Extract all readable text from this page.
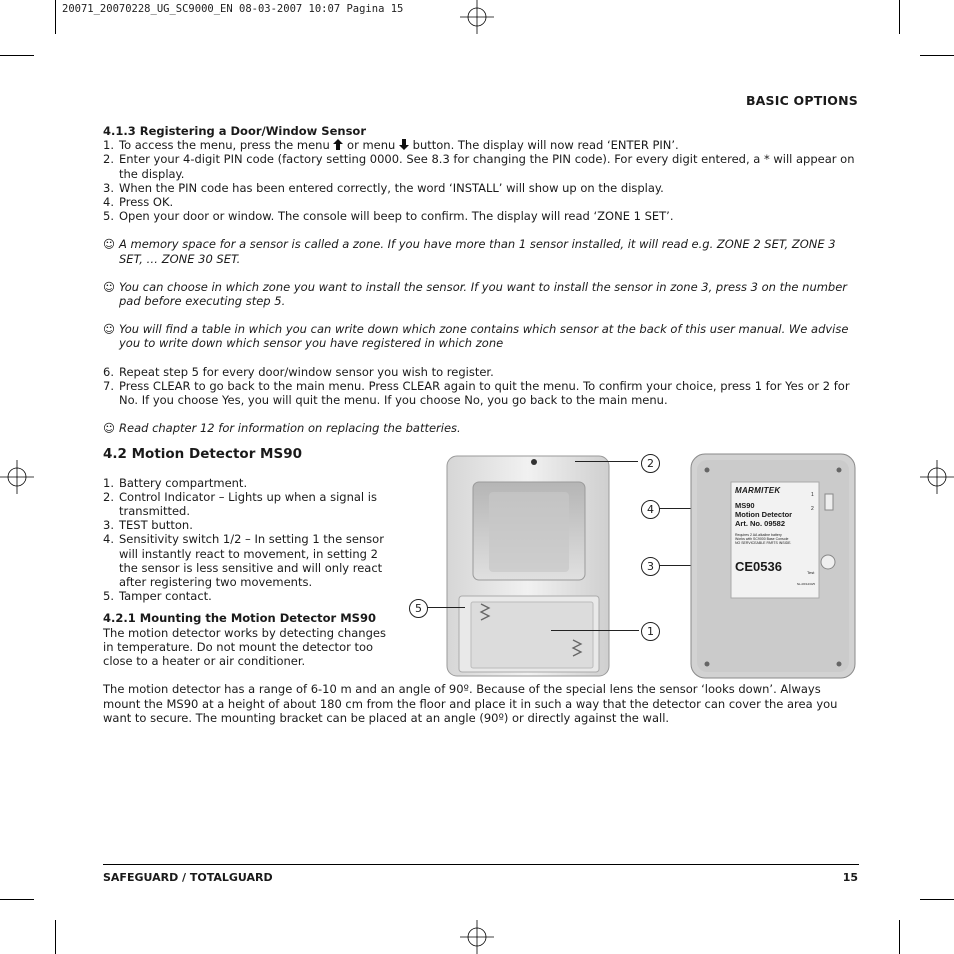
20071_20070228_UG_SC9000_EN 08-03-2007 10:07 Pagina 15
BASIC OPTIONS

4.1.3 Registering a Door/Window Sensor

1. To access the menu, press the menu or menu button. The display will now read ‘ENTER PIN’.
2. Enter your 4-digit PIN code (factory setting 0000. See 8.3 for changing the PIN code). For every digit entered, a * will appear on the display.
3. When the PIN code has been entered correctly, the word ‘INSTALL’ will show up on the display.
4. Press OK.
5. Open your door or window. The console will beep to confirm. The display will read ‘ZONE 1 SET’.
☺ A memory space for a sensor is called a zone. If you have more than 1 sensor installed, it will read e.g. ZONE 2 SET, ZONE 3 SET, … ZONE 30 SET.
☺ You can choose in which zone you want to install the sensor. If you want to install the sensor in zone 3, press 3 on the number pad before executing step 5.
☺ You will find a table in which you can write down which zone contains which sensor at the back of this user manual. We advise you to write down which sensor you have registered in which zone
6. Repeat step 5 for every door/window sensor you wish to register.
7. Press CLEAR to go back to the main menu. Press CLEAR again to quit the menu. To confirm your choice, press 1 for Yes or 2 for No. If you choose Yes, you will quit the menu. If you choose No, you go back to the main menu.
☺ Read chapter 12 for information on replacing the batteries.

4.2 Motion Detector MS90

1. Battery compartment.
2. Control Indicator – Lights up when a signal is transmitted.
3. TEST button.
4. Sensitivity switch 1/2 – In setting 1 the sensor will instantly react to movement, in setting 2 the sensor is less sensitive and will only react after registering two movements.
5. Tamper contact.

4.2.1 Mounting the Motion Detector MS90

The motion detector works by detecting changes in temperature. Do not mount the detector too close to a heater or air conditioner.

The motion detector has a range of 6-10 m and an angle of 90º. Because of the special lens the sensor ‘looks down’. Always mount the MS90 at a height of about 180 cm from the floor and place it in such a way that the detector can cover the area you want to secure. The mounting bracket can be placed at an angle (90º) or directly against the wall.

2
4
3
5
1
MARMITEK
MS90
Motion Detector
Art. No. 09582
Requires 2 AA alkaline battery
Works with SC9000 Base Console
NO SERVICEABLE PARTS INSIDE.
CE0536
NL-06/1234/5
1
2
Test
SAFEGUARD / TOTALGUARD	15
